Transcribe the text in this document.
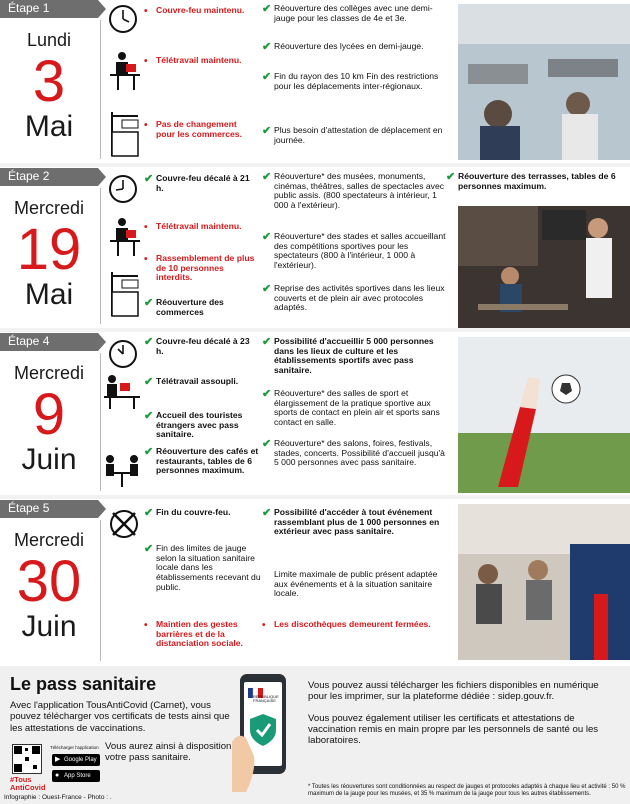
Étape 1
Lundi
3
Mai
• Couvre-feu maintenu.
• Télétravail maintenu.
• Pas de changement pour les commerces.
✔ Réouverture des collèges avec une demi-jauge pour les classes de 4e et 3e.
✔ Réouverture des lycées en demi-jauge.
✔ Fin du rayon des 10 km Fin des restrictions pour les déplacements inter-régionaux.
✔ Plus besoin d'attestation de déplacement en journée.
Étape 2
Mercredi
19
Mai
✔ Couvre-feu décalé à 21 h.
• Télétravail maintenu.
• Rassemblement de plus de 10 personnes interdits.
✔ Réouverture des commerces
✔ Réouverture* des musées, monuments, cinémas, théâtres, salles de spectacles avec public assis. (800 spectateurs à intérieur, 1 000 à l'extérieur).
✔ Réouverture* des stades et salles accueillant des compétitions sportives pour les spectateurs (800 à l'intérieur, 1 000 à l'extérieur).
✔ Reprise des activités sportives dans les lieux couverts et de plein air avec protocoles adaptés.
✔ Réouverture des terrasses, tables de 6 personnes maximum.
Étape 4
Mercredi
9
Juin
✔ Couvre-feu décalé à 23 h.
✔ Télétravail assoupli.
✔ Accueil des touristes étrangers avec pass sanitaire.
✔ Réouverture des cafés et restaurants, tables de 6 personnes maximum.
✔ Possibilité d'accueillir 5 000 personnes dans les lieux de culture et les établissements sportifs avec pass sanitaire.
✔ Réouverture* des salles de sport et élargissement de la pratique sportive aux sports de contact en plein air et sports sans contact en salle.
✔ Réouverture* des salons, foires, festivals, stades, concerts. Possibilité d'accueil jusqu'à 5 000 personnes avec pass sanitaire.
Étape 5
Mercredi
30
Juin
✔ Fin du couvre-feu.
✔ Fin des limites de jauge selon la situation sanitaire locale dans les établissements recevant du public.
• Maintien des gestes barrières et de la distanciation sociale.
✔ Possibilité d'accéder à tout événement rassemblant plus de 1 000 personnes en extérieur avec pass sanitaire.
Limite maximale de public présent adaptée aux événements et à la situation sanitaire locale.
• Les discothèques demeurent fermées.
Le pass sanitaire
Avec l'application TousAntiCovid (Carnet), vous pouvez télécharger vos certificats de tests ainsi que les attestations de vaccinations.
#Tous AntiCovid
Télécharger l'application
▶ Google Play
● App Store
Vous aurez ainsi à disposition votre pass sanitaire.
RÉPUBLIQUE FRANÇAISE
Vous pouvez aussi télécharger les fichiers disponibles en numérique pour les imprimer, sur la plateforme dédiée : sidep.gouv.fr.
Vous pouvez également utiliser les certificats et attestations de vaccination remis en main propre par les personnels de santé ou les laboratoires.
* Toutes les réouvertures sont conditionnées au respect de jauges et protocoles adaptés à chaque lieu et activité : 50 % maximum de la jauge pour les musées, et 35 % maximum de la jauge pour tous les autres établissements.
Infographie : Ouest-France - Photo : .
